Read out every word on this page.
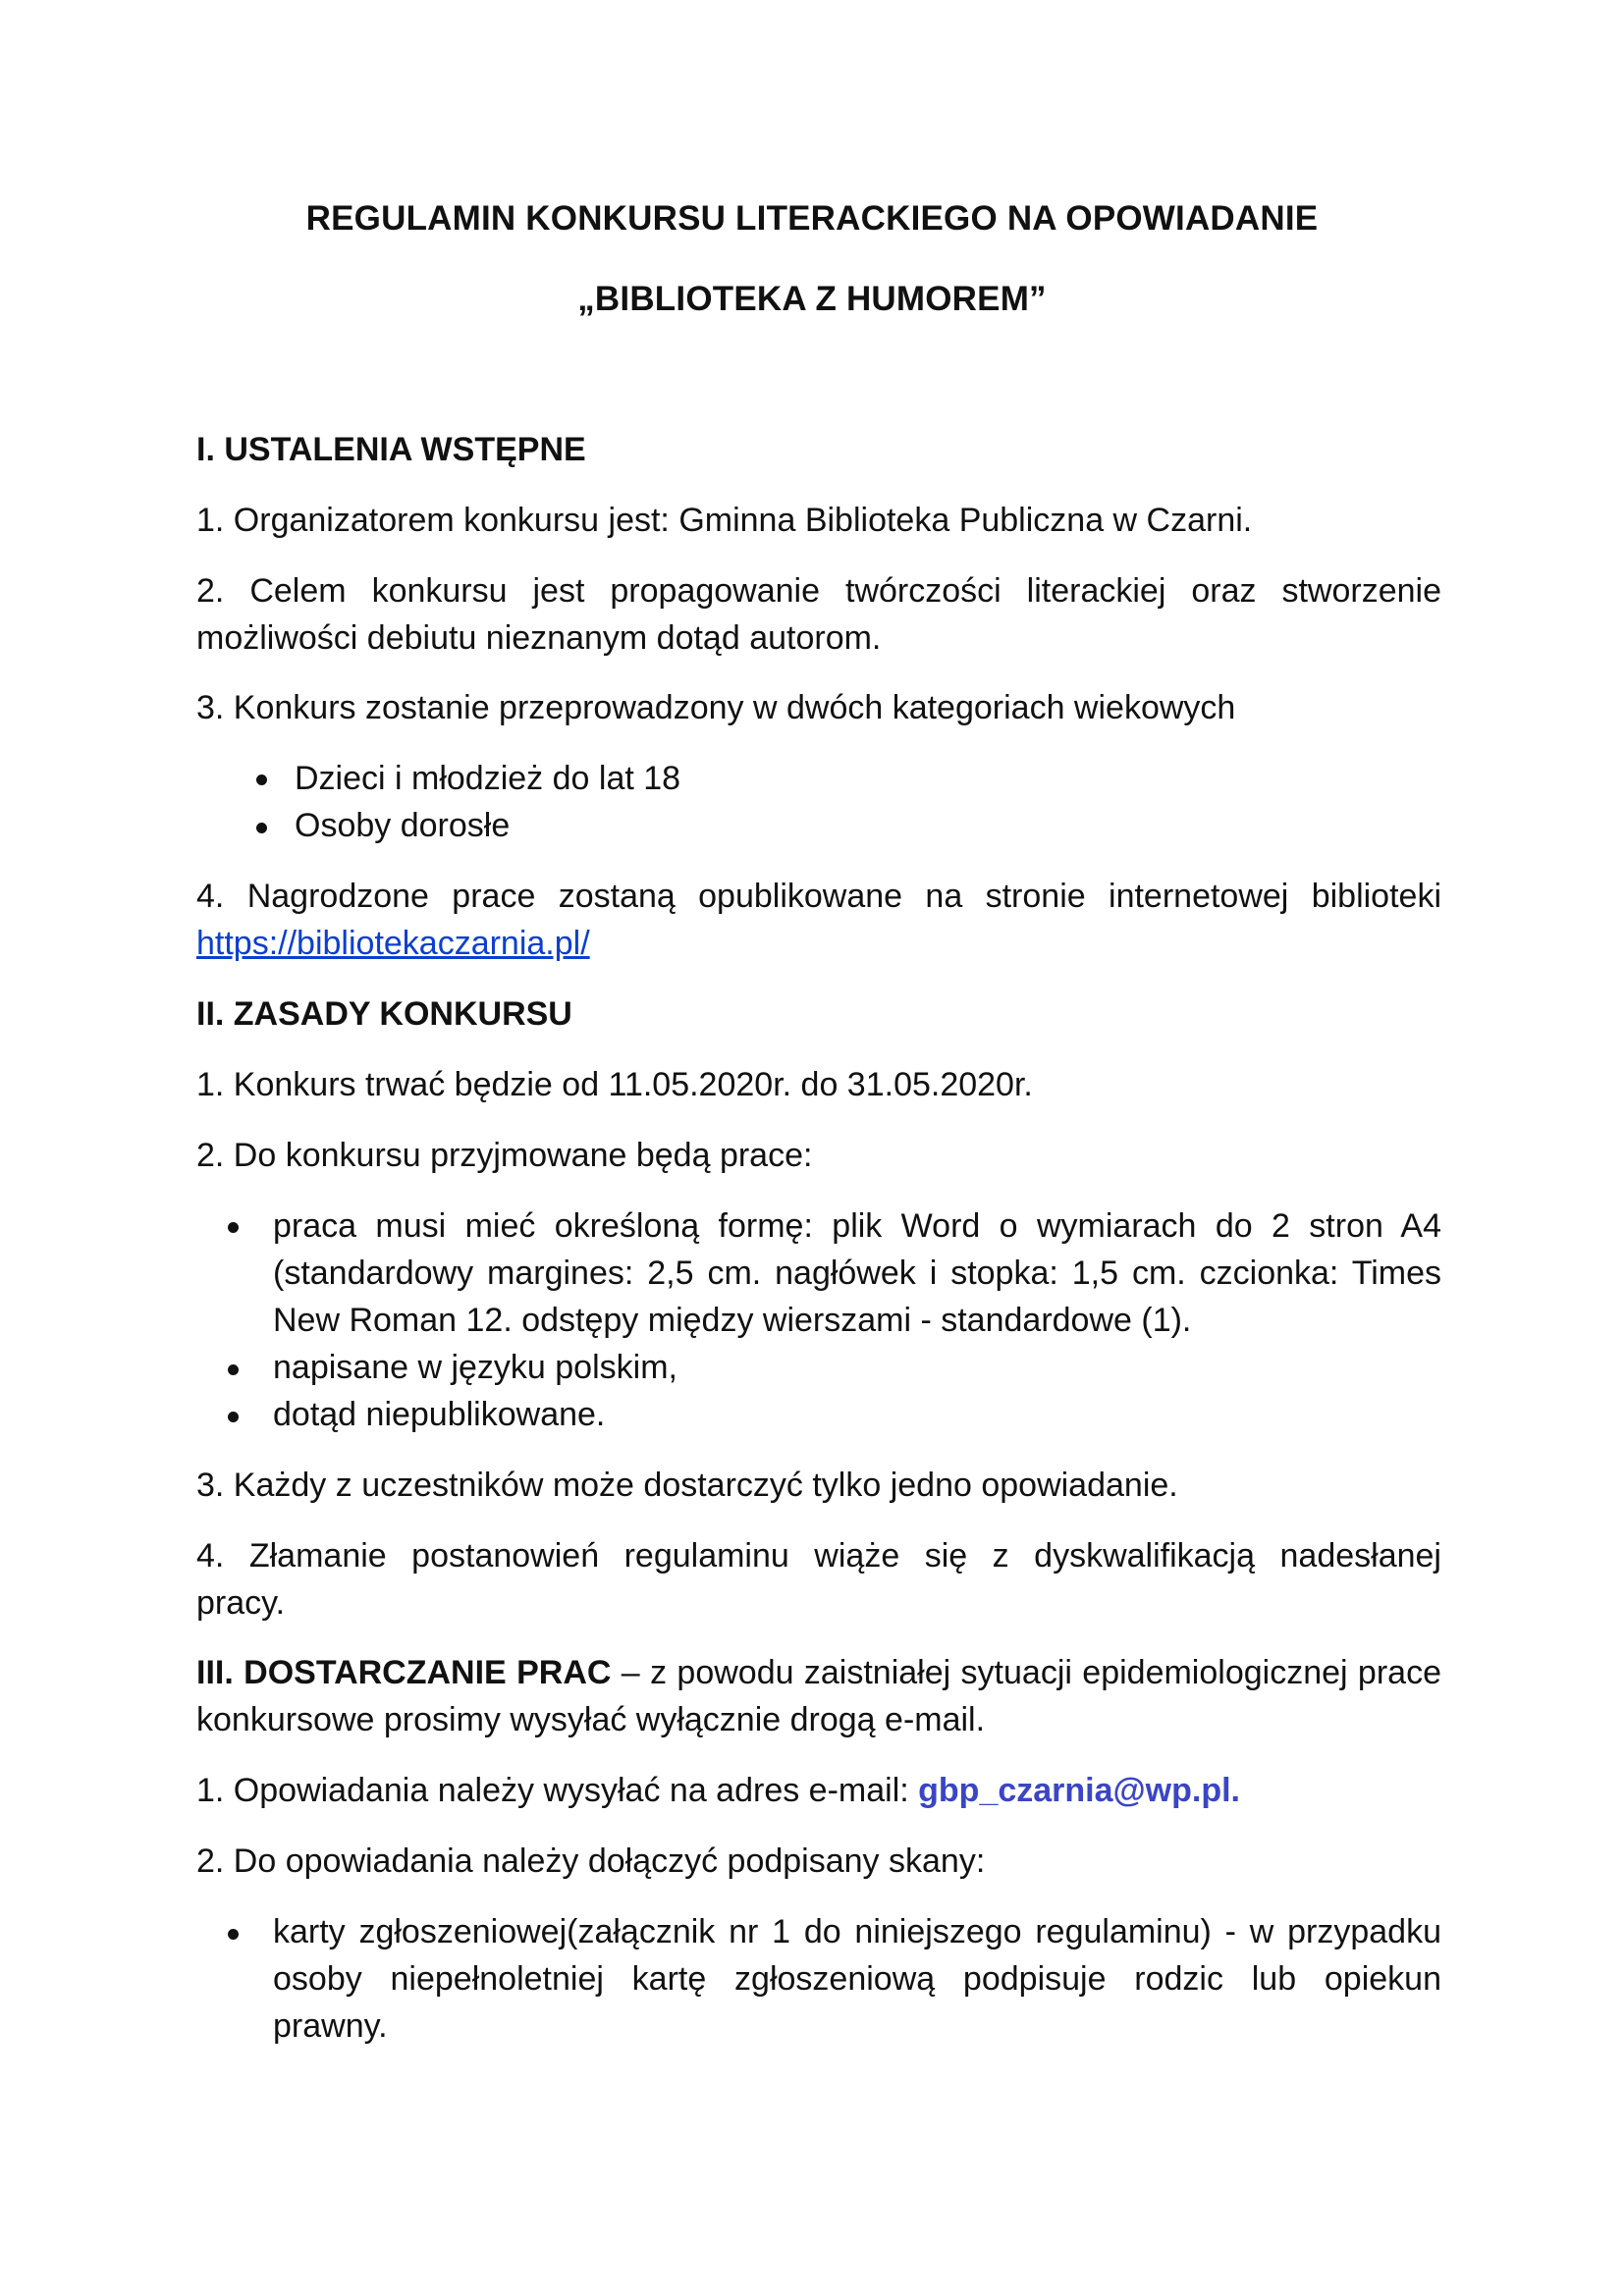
REGULAMIN KONKURSU LITERACKIEGO NA OPOWIADANIE
„BIBLIOTEKA Z HUMOREM”
I. USTALENIA WSTĘPNE
1. Organizatorem konkursu jest: Gminna Biblioteka Publiczna w Czarni.
2. Celem konkursu jest propagowanie twórczości literackiej oraz stworzenie
możliwości debiutu nieznanym dotąd autorom.
3. Konkurs zostanie przeprowadzony w dwóch kategoriach wiekowych
Dzieci i młodzież do lat 18
Osoby dorosłe
4. Nagrodzone prace zostaną opublikowane na stronie internetowej biblioteki
https://bibliotekaczarnia.pl/
II. ZASADY KONKURSU
1. Konkurs trwać będzie od 11.05.2020r. do 31.05.2020r.
2. Do konkursu przyjmowane będą prace:
praca musi mieć określoną formę: plik Word o wymiarach do 2 stron A4
(standardowy margines: 2,5 cm. nagłówek i stopka: 1,5 cm. czcionka: Times
New Roman 12. odstępy między wierszami - standardowe (1).
napisane w języku polskim,
dotąd niepublikowane.
3. Każdy z uczestników może dostarczyć tylko jedno opowiadanie.
4. Złamanie postanowień regulaminu wiąże się z dyskwalifikacją nadesłanej
pracy.
III. DOSTARCZANIE PRAC – z powodu zaistniałej sytuacji epidemiologicznej prace
konkursowe prosimy wysyłać wyłącznie drogą e-mail.
1. Opowiadania należy wysyłać na adres e-mail: gbp_czarnia@wp.pl.
2. Do opowiadania należy dołączyć podpisany skany:
karty zgłoszeniowej(załącznik nr 1 do niniejszego regulaminu) - w przypadku
osoby niepełnoletniej kartę zgłoszeniową podpisuje rodzic lub opiekun
prawny.
